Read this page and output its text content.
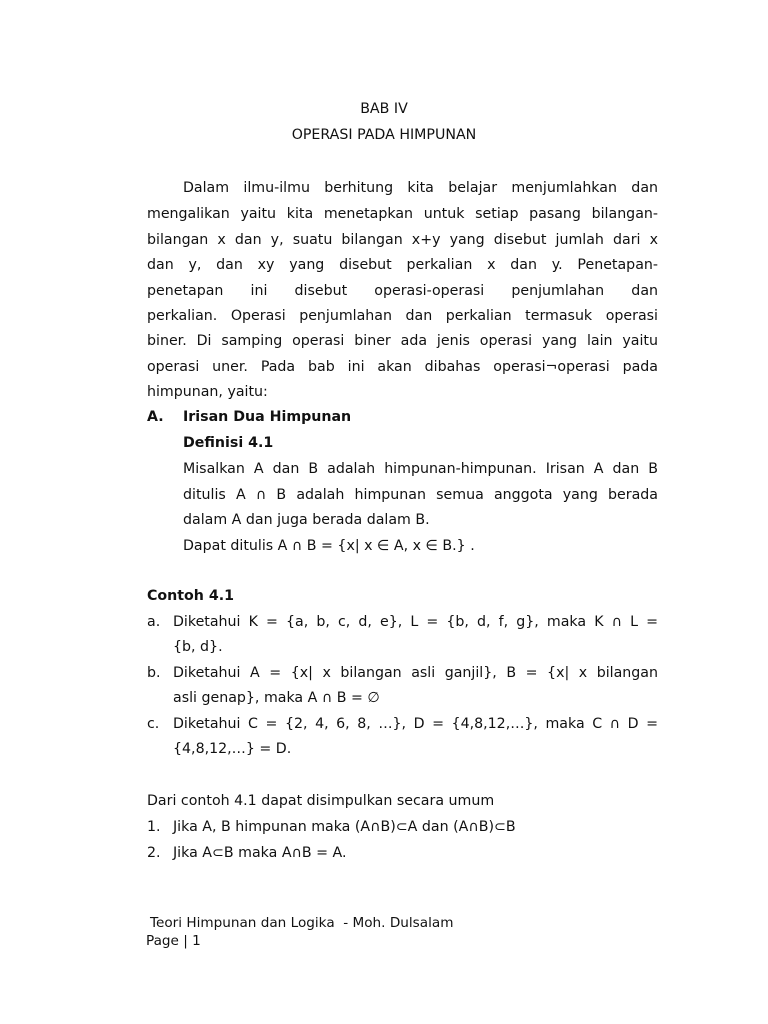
BAB IV
OPERASI PADA HIMPUNAN
Dalam ilmu-ilmu berhitung kita belajar menjumlahkan dan
mengalikan yaitu kita menetapkan untuk setiap pasang bilangan-
bilangan x dan y, suatu bilangan x+y yang disebut jumlah dari x
dan y, dan xy yang disebut perkalian x dan y. Penetapan-
penetapan ini disebut operasi-operasi penjumlahan dan
perkalian. Operasi penjumlahan dan perkalian termasuk operasi
biner. Di samping operasi biner ada jenis operasi yang lain yaitu
operasi uner. Pada bab ini akan dibahas operasi¬operasi pada
himpunan, yaitu:
A. Irisan Dua Himpunan
Definisi 4.1
Misalkan A dan B adalah himpunan-himpunan. Irisan A dan B
ditulis A ∩ B adalah himpunan semua anggota yang berada
dalam A dan juga berada dalam B.
Dapat ditulis A ∩ B = {x| x ∈ A, x ∈ B.} .
Contoh 4.1
a. Diketahui K = {a, b, c, d, e}, L = {b, d, f, g}, maka K ∩ L =
{b, d}.
b. Diketahui A = {x| x bilangan asli ganjil}, B = {x| x bilangan
asli genap}, maka A ∩ B = ∅
c. Diketahui C = {2, 4, 6, 8, …}, D = {4,8,12,…}, maka C ∩ D =
{4,8,12,…} = D.
Dari contoh 4.1 dapat disimpulkan secara umum
1. Jika A, B himpunan maka (A∩B)⊂A dan (A∩B)⊂B
2. Jika A⊂B maka A∩B = A.
Teori Himpunan dan Logika  - Moh. Dulsalam
Page | 1
